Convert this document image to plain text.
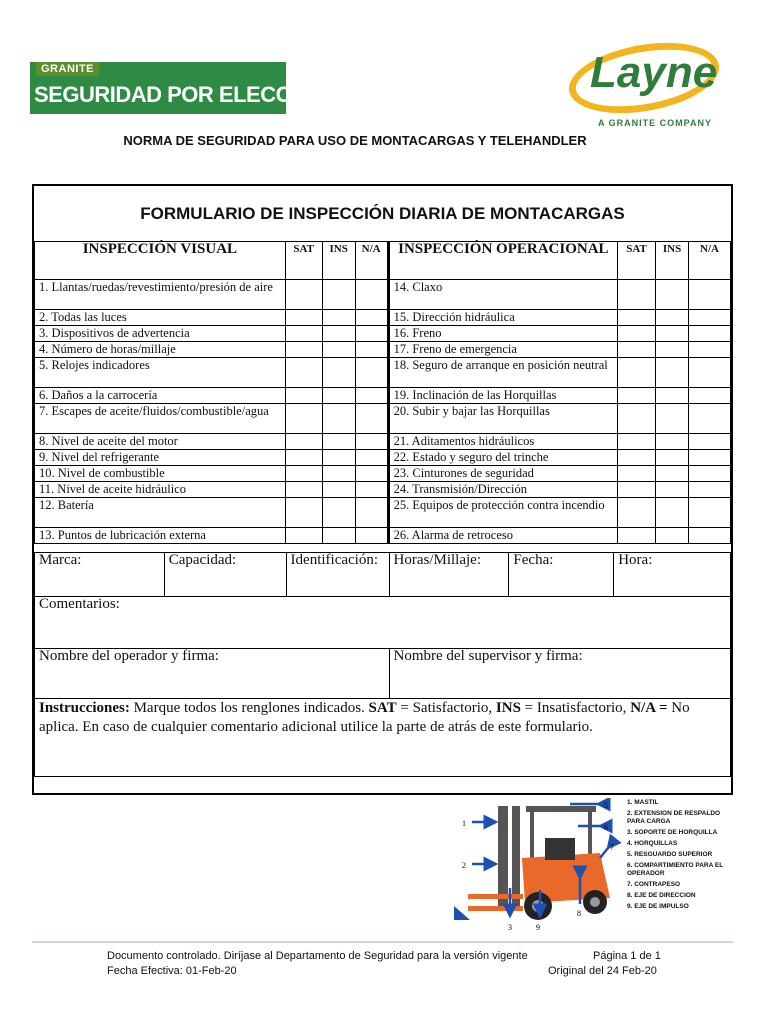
GRANITE
SEGURIDAD POR ELECCIÓN	Layne
A GRANITE COMPANY
NORMA DE SEGURIDAD PARA USO DE MONTACARGAS Y TELEHANDLER
FORMULARIO DE INSPECCIÓN DIARIA DE MONTACARGAS
INSPECCIÓN VISUAL	SAT	INS	N/A	INSPECCIÓN OPERACIONAL	SAT	INS	N/A
1. Llantas/ruedas/revestimiento/presión de aire				14. Claxo			
2. Todas las luces				15. Dirección hidráulica			
3. Dispositivos de advertencia				16. Freno			
4. Número de horas/millaje				17. Freno de emergencia			
5. Relojes indicadores				18. Seguro de arranque en posición neutral			
6. Daños a la carrocería				19. Inclinación de las Horquillas			
7. Escapes de aceite/fluidos/combustible/agua				20. Subir y bajar las Horquillas			
8. Nivel de aceite del motor				21. Aditamentos hidráulicos			
9. Nivel del refrigerante				22. Estado y seguro del trinche			
10. Nivel de combustible				23. Cinturones de seguridad			
11. Nivel de aceite hidráulico				24. Transmisión/Dirección			
12. Batería				25. Equipos de protección contra incendio			
13. Puntos de lubricación externa				26. Alarma de retroceso			
Marca:	Capacidad:	Identificación:	Horas/Millaje:	Fecha:	Hora:
Comentarios:					
Nombre del operador y firma:			Nombre del supervisor y firma:		
Instrucciones: Marque todos los renglones indicados. SAT = Satisfactorio, INS = Insatisfactorio, N/A = No aplica. En caso de cualquier comentario adicional utilice la parte de atrás de este formulario.					
1
2
3
5
6
7
8
9
1. MASTIL
2. EXTENSION DE RESPALDO PARA CARGA
3. SOPORTE DE HORQUILLA
4. HORQUILLAS
5. RESGUARDO SUPERIOR
6. COMPARTIMIENTO PARA EL OPERADOR
7. CONTRAPESO
8. EJE DE DIRECCION
9. EJE DE IMPULSO
Documento controlado. Diríjase al Departamento de Seguridad para la versión vigente	Página 1 de 1
Fecha Efectiva: 01-Feb-20	Original del 24 Feb-20
